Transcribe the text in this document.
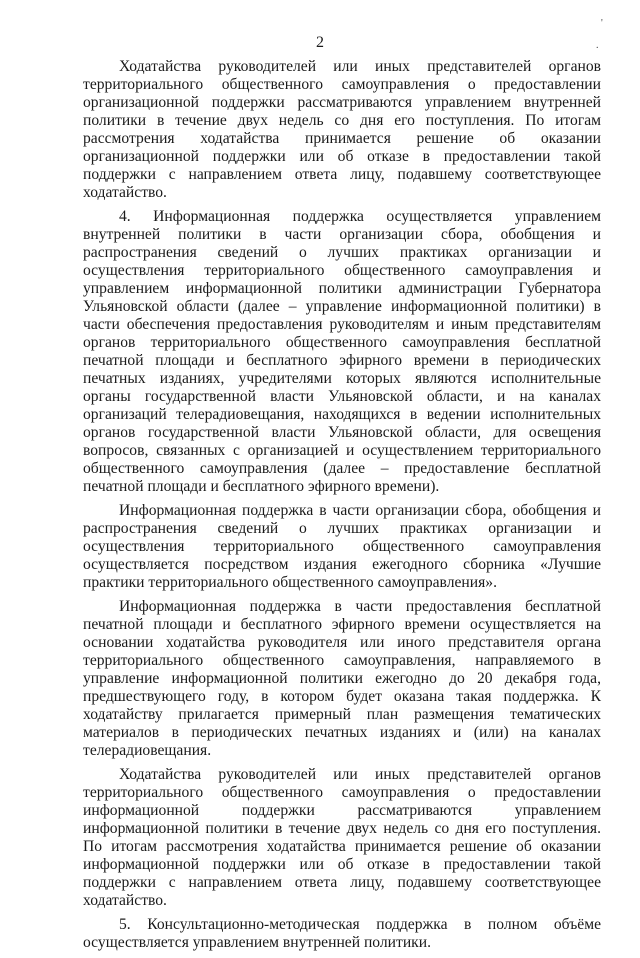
'
.
2

Ходатайства руководителей или иных представителей органов территориального общественного самоуправления о предоставлении организационной поддержки рассматриваются управлением внутренней политики в течение двух недель со дня его поступления. По итогам рассмотрения ходатайства принимается решение об оказании организационной поддержки или об отказе в предоставлении такой поддержки с направлением ответа лицу, подавшему соответствующее ходатайство.

4. Информационная поддержка осуществляется управлением внутренней политики в части организации сбора, обобщения и распространения сведений о лучших практиках организации и осуществления территориального общественного самоуправления и управлением информационной политики администрации Губернатора Ульяновской области (далее – управление информационной политики) в части обеспечения предоставления руководителям и иным представителям органов территориального общественного самоуправления бесплатной печатной площади и бесплатного эфирного времени в периодических печатных изданиях, учредителями которых являются исполнительные органы государственной власти Ульяновской области, и на каналах организаций телерадиовещания, находящихся в ведении исполнительных органов государственной власти Ульяновской области, для освещения вопросов, связанных с организацией и осуществлением территориального общественного самоуправления (далее – предоставление бесплатной печатной площади и бесплатного эфирного времени).

Информационная поддержка в части организации сбора, обобщения и распространения сведений о лучших практиках организации и осуществления территориального общественного самоуправления осуществляется посредством издания ежегодного сборника «Лучшие практики территориального общественного самоуправления».

Информационная поддержка в части предоставления бесплатной печатной площади и бесплатного эфирного времени осуществляется на основании ходатайства руководителя или иного представителя органа территориального общественного самоуправления, направляемого в управление информационной политики ежегодно до 20 декабря года, предшествующего году, в котором будет оказана такая поддержка. К ходатайству прилагается примерный план размещения тематических материалов в периодических печатных изданиях и (или) на каналах телерадиовещания.

Ходатайства руководителей или иных представителей органов территориального общественного самоуправления о предоставлении информационной поддержки рассматриваются управлением информационной политики в течение двух недель со дня его поступления. По итогам рассмотрения ходатайства принимается решение об оказании информационной поддержки или об отказе в предоставлении такой поддержки с направлением ответа лицу, подавшему соответствующее ходатайство.

5. Консультационно-методическая поддержка в полном объёме осуществляется управлением внутренней политики.
